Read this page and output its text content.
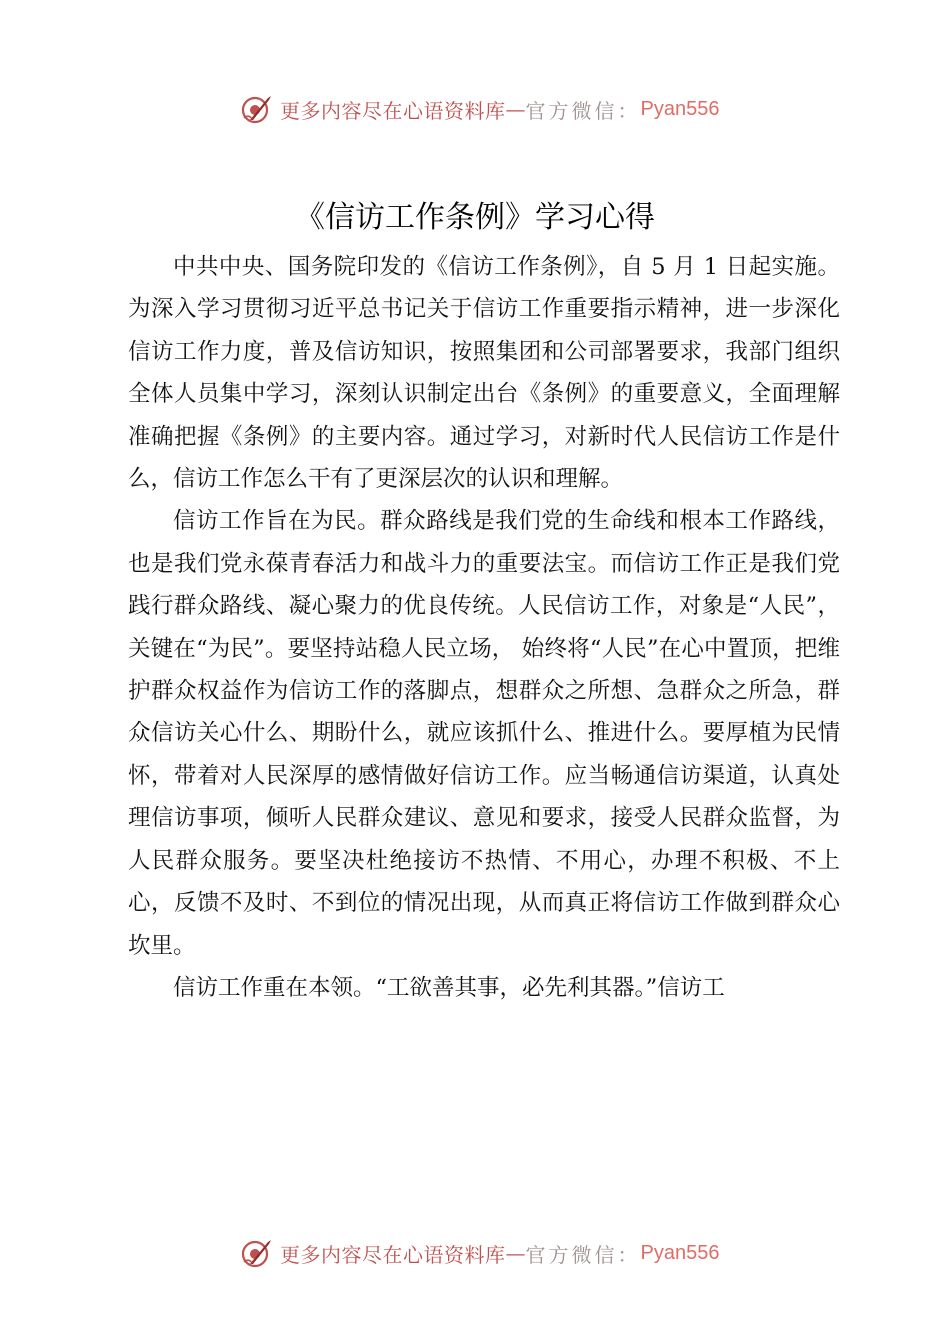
更多内容尽在心语资料库 — 官方微信： Pyan556
《信访工作条例》学习心得

中共中央、国务院印发的《信访工作条例》，自 5 月 1 日起实施。为深入学习贯彻习近平总书记关于信访工作重要指示精神，进一步深化信访工作力度，普及信访知识，按照集团和公司部署要求，我部门组织全体人员集中学习，深刻认识制定出台《条例》的重要意义，全面理解准确把握《条例》的主要内容。通过学习，对新时代人民信访工作是什么，信访工作怎么干有了更深层次的认识和理解。

信访工作旨在为民。群众路线是我们党的生命线和根本工作路线，也是我们党永葆青春活力和战斗力的重要法宝。而信访工作正是我们党践行群众路线、凝心聚力的优良传统。人民信访工作，对象是“人民”，关键在“为民”。要坚持站稳人民立场， 始终将“人民”在心中置顶，把维护群众权益作为信访工作的落脚点，想群众之所想、急群众之所急，群众信访关心什么、期盼什么，就应该抓什么、推进什么。要厚植为民情怀，带着对人民深厚的感情做好信访工作。应当畅通信访渠道，认真处理信访事项，倾听人民群众建议、意见和要求，接受人民群众监督，为人民群众服务。要坚决杜绝接访不热情、不用心，办理不积极、不上心，反馈不及时、不到位的情况出现，从而真正将信访工作做到群众心坎里。

信访工作重在本领。“工欲善其事，必先利其器。”信访工

更多内容尽在心语资料库 — 官方微信： Pyan556
